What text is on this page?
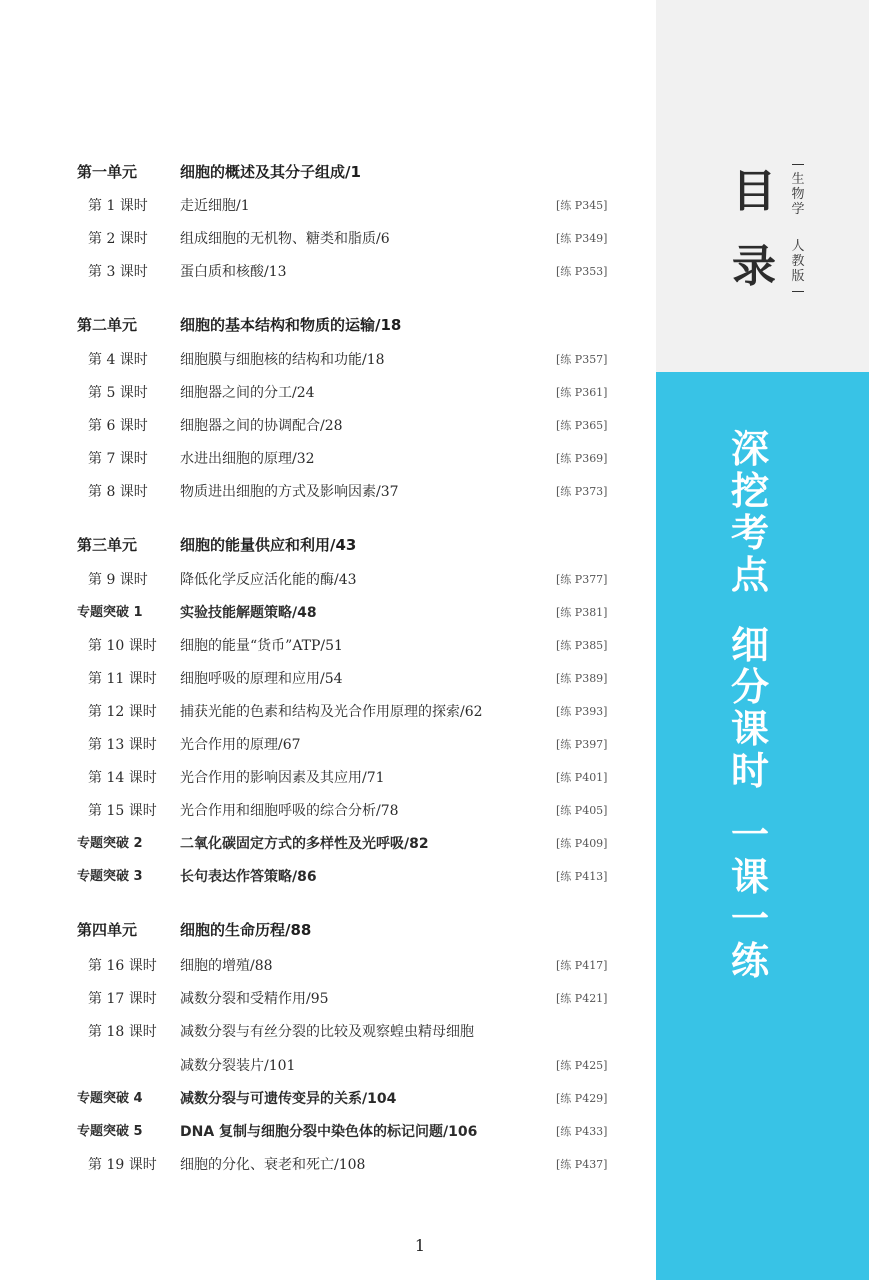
目
录
生物学
人教版
深挖考点
细分课时
一课一练
第一单元	细胞的概述及其分子组成/1
第 1 课时 走近细胞/1	[练 P345]
第 2 课时 组成细胞的无机物、糖类和脂质/6	[练 P349]
第 3 课时 蛋白质和核酸/13	[练 P353]
第二单元	细胞的基本结构和物质的运输/18
第 4 课时 细胞膜与细胞核的结构和功能/18	[练 P357]
第 5 课时 细胞器之间的分工/24	[练 P361]
第 6 课时 细胞器之间的协调配合/28	[练 P365]
第 7 课时 水进出细胞的原理/32	[练 P369]
第 8 课时 物质进出细胞的方式及影响因素/37	[练 P373]
第三单元	细胞的能量供应和利用/43
第 9 课时 降低化学反应活化能的酶/43	[练 P377]
专题突破 1	实验技能解题策略/48	[练 P381]
第 10 课时 细胞的能量“货币”ATP/51	[练 P385]
第 11 课时 细胞呼吸的原理和应用/54	[练 P389]
第 12 课时 捕获光能的色素和结构及光合作用原理的探索/62	[练 P393]
第 13 课时 光合作用的原理/67	[练 P397]
第 14 课时 光合作用的影响因素及其应用/71	[练 P401]
第 15 课时 光合作用和细胞呼吸的综合分析/78	[练 P405]
专题突破 2	二氧化碳固定方式的多样性及光呼吸/82	[练 P409]
专题突破 3	长句表达作答策略/86	[练 P413]
第四单元	细胞的生命历程/88
第 16 课时 细胞的增殖/88	[练 P417]
第 17 课时 减数分裂和受精作用/95	[练 P421]
第 18 课时 减数分裂与有丝分裂的比较及观察蝗虫精母细胞
减数分裂装片/101	[练 P425]
专题突破 4	减数分裂与可遗传变异的关系/104	[练 P429]
专题突破 5	DNA 复制与细胞分裂中染色体的标记问题/106	[练 P433]
第 19 课时 细胞的分化、衰老和死亡/108	[练 P437]
1
